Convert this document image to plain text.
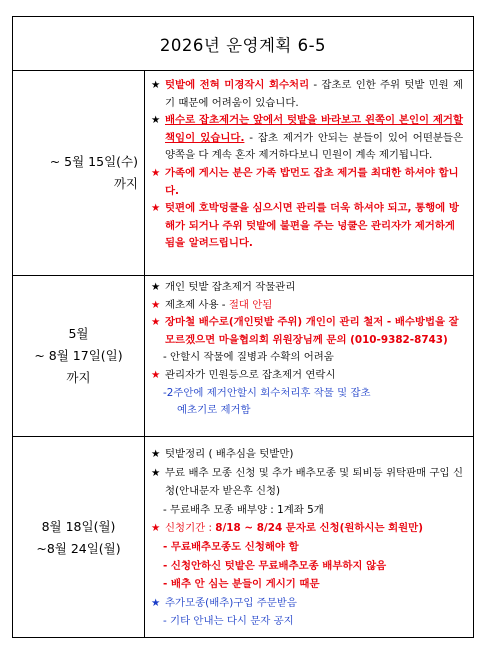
2026년 운영계획 6-5
~ 5월 15일(수)
까지
★ 텃밭에 전혀 미경작시 회수처리 - 잡초로 인한 주위 텃밭 민원 제기 때문에 어려움이 있습니다.
★ 배수로 잡초제거는 앞에서 텃밭을 바라보고 왼쪽이 본인이 제거할 책임이 있습니다. - 잡초 제거가 안되는 분들이 있어 어떤분들은 양쪽을 다 계속 혼자 제거하다보니 민원이 계속 제기됩니다.
★ 가족에 게시는 분은 가족 밥먼도 잡초 제거를 최대한 하셔야 합니다.
★ 텃편에 호박덩쿨을 심으시면 관리를 더욱 하셔야 되고, 통행에 방해가 되거나 주위 텃밭에 불편을 주는 넝쿨은 관리자가 제거하게 됨을 알려드립니다.
5월
~ 8월 17일(일)
까지
★ 개인 텃밭 잡초제거 작물관리
★ 제초제 사용 - 절대 안됨
★ 장마철 배수로(개인텃밭 주위) 개인이 관리 철저 - 배수방법을 잘 모르겠으면 마을협의회 위원장님께 문의 (010-9382-8743)
- 안할시 작물에 질병과 수확의 어려움
★ 관리자가 민원등으로 잡초제거 연락시
-2주안에 제거안할시 회수처리후 작물 및 잡초
예초기로 제거함
8월 18일(월)
~8월 24일(월)
★ 텃밭정리 ( 배추심을 텃밭만)
★ 무료 배추 모종 신청 및 추가 배추모종 및 퇴비등 위탁판매 구입 신청(안내문자 받은후 신청)
- 무료배추 모종 배부양 : 1계좌 5개
★ 신청기간 : 8/18 ~ 8/24 문자로 신청(원하시는 회원만)
- 무료배추모종도 신청해야 함
- 신청안하신 텃밭은 무료배추모종 배부하지 않음
- 배추 안 심는 분들이 게시기 때문
★ 추가모종(배추)구입 주문받음
- 기타 안내는 다시 문자 공지
